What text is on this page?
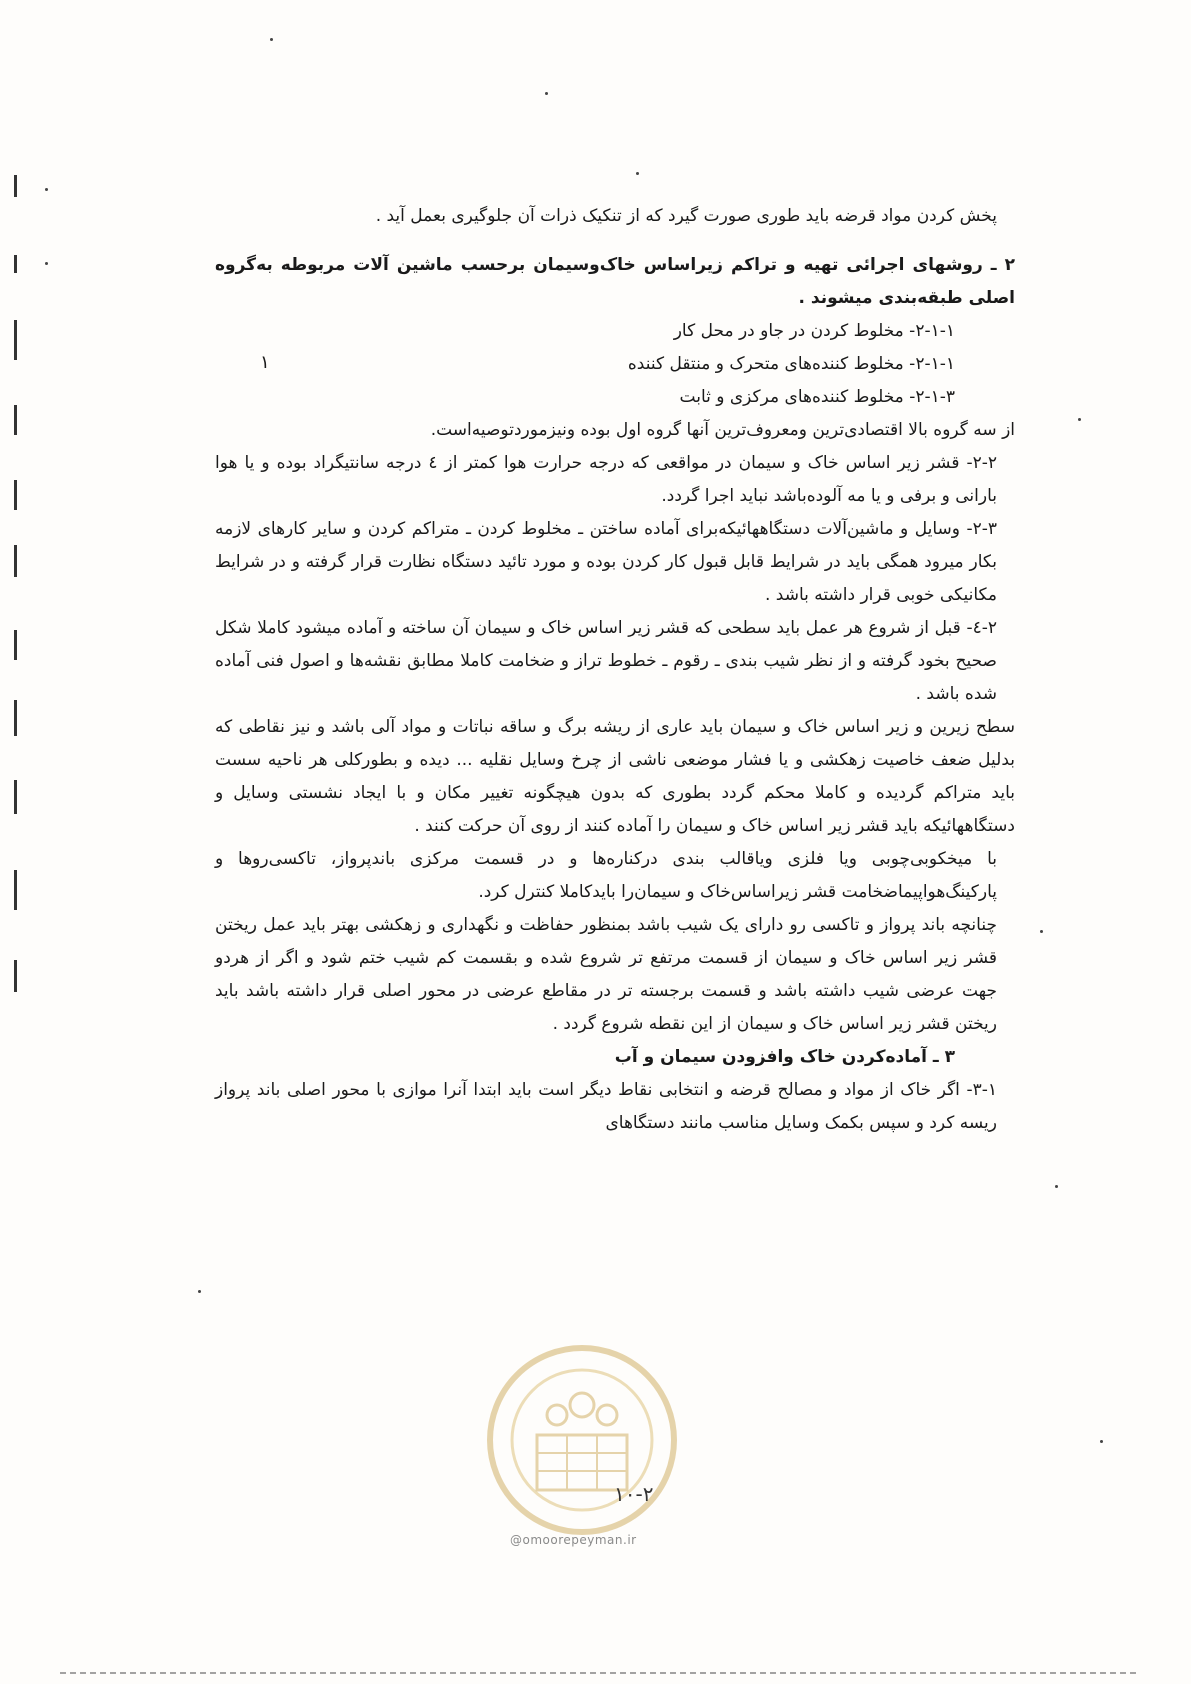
۱

پخش کردن مواد قرضه باید طوری صورت گیرد که از تنکیک ذرات آن جلوگیری بعمل آید .

۲ ـ روشهای اجرائی تهیه و تراکم زیراساس خاک‌وسیمان برحسب ماشین آلات مربوطه به‌گروه اصلی طبقه‌بندی میشوند .

۲-۱-۱- مخلوط کردن در جاو در محل کار

۲-۱-۱- مخلوط کننده‌های متحرک و منتقل کننده

۲-۱-۳- مخلوط کننده‌های مرکزی و ثابت

از سه گروه بالا اقتصادی‌ترین ومعروف‌ترین آنها گروه اول بوده ونیزموردتوصیه‌است.

۲-۲- قشر زیر اساس خاک و سیمان در مواقعی که درجه حرارت هوا کمتر از ٤ درجه سانتیگراد بوده و یا هوا بارانی و برفی و یا مه آلوده‌باشد نباید اجرا گردد.

۲-۳- وسایل و ماشین‌آلات دستگاههائیکه‌برای آماده ساختن ـ مخلوط کردن ـ متراکم کردن و سایر کارهای لازمه بکار میرود همگی باید در شرایط قابل قبول کار کردن بوده و مورد تائید دستگاه نظارت قرار گرفته و در شرایط مکانیکی خوبی قرار داشته باشد .

۲-٤- قبل از شروع هر عمل باید سطحی که قشر زیر اساس خاک و سیمان آن ساخته و آماده میشود کاملا شکل صحیح بخود گرفته و از نظر شیب بندی ـ رقوم ـ خطوط تراز و ضخامت کاملا مطابق نقشه‌ها و اصول فنی آماده شده باشد .

سطح زیرین و زیر اساس خاک و سیمان باید عاری از ریشه برگ و ساقه نباتات و مواد آلی باشد و نیز نقاطی که بدلیل ضعف خاصیت زهکشی و یا فشار موضعی ناشی از چرخ وسایل نقلیه ... دیده و بطورکلی هر ناحیه سست باید متراکم گردیده و کاملا محکم گردد بطوری که بدون هیچگونه تغییر مکان و با ایجاد نشستی وسایل و دستگاههائیکه باید قشر زیر اساس خاک و سیمان را آماده کنند از روی آن حرکت کنند .

با میخکوبی‌چوبی ویا فلزی ویاقالب بندی درکناره‌ها و در قسمت مرکزی باندپرواز، تاکسی‌روها و پارکینگ‌هواپیماضخامت قشر زیراساس‌خاک و سیمان‌را باید‌کاملا کنترل کرد.

چنانچه باند پرواز و تاکسی رو دارای یک شیب باشد بمنظور حفاظت و نگهداری و زهکشی بهتر باید عمل ریختن قشر زیر اساس خاک و سیمان از قسمت مرتفع تر شروع شده و بقسمت کم شیب ختم شود و اگر از هردو جهت عرضی شیب داشته باشد و قسمت برجسته تر در مقاطع عرضی در محور اصلی قرار داشته باشد باید ریختن قشر زیر اساس خاک و سیمان از این نقطه شروع گردد .

۳ ـ آماده‌کردن خاک وافزودن سیمان و آب

۳-۱- اگر خاک از مواد و مصالح قرضه و انتخابی نقاط دیگر است باید ابتدا آنرا موازی با محور اصلی باند پرواز ریسه کرد و سپس بکمک وسایل مناسب مانند دستگاهای

۱۰-۲
@omoorepeyman.ir
